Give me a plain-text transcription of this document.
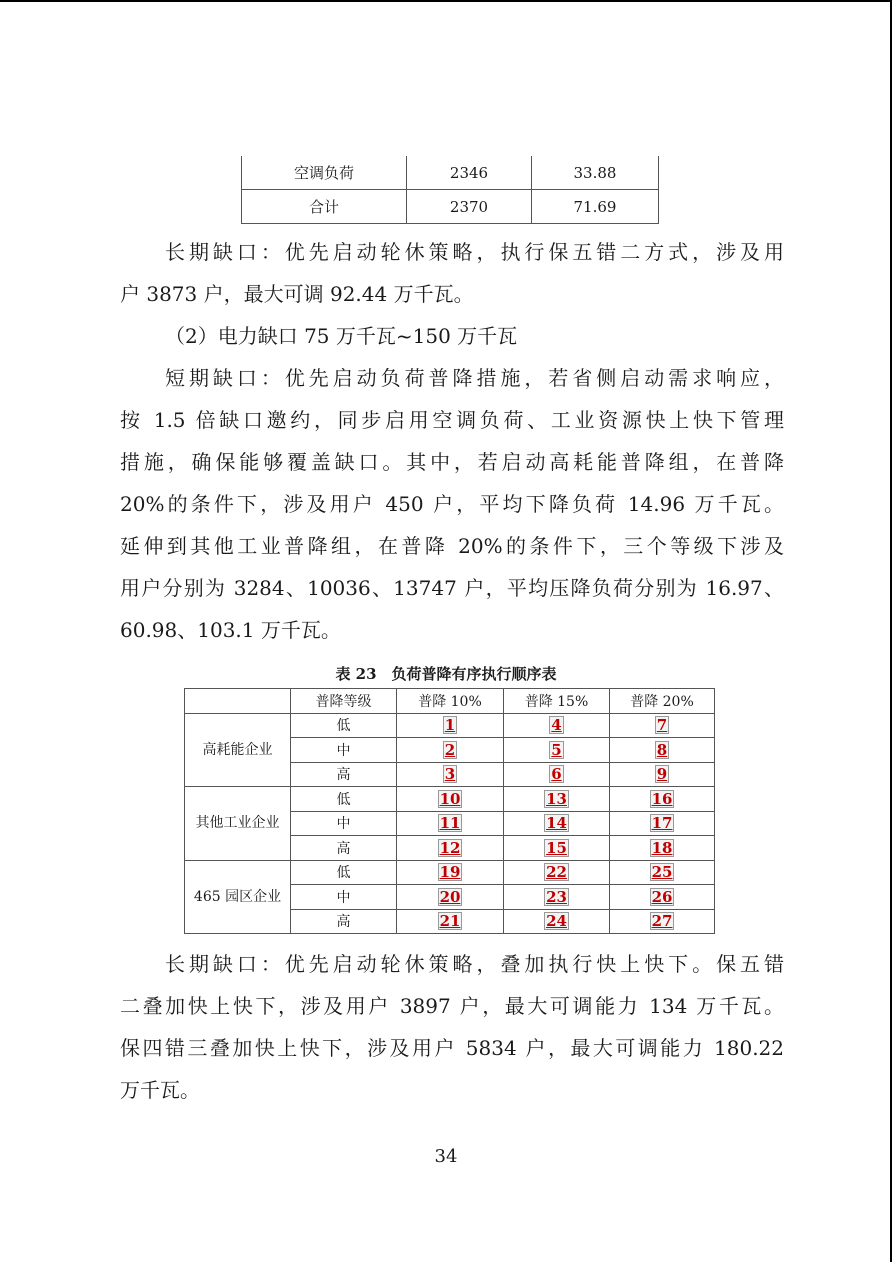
空调负荷	2346	33.88
合计	2370	71.69

长期缺口：优先启动轮休策略，执行保五错二方式，涉及用

户 3873 户，最大可调 92.44 万千瓦。

（2）电力缺口 75 万千瓦~150 万千瓦

短期缺口：优先启动负荷普降措施，若省侧启动需求响应，

按 1.5 倍缺口邀约，同步启用空调负荷、工业资源快上快下管理

措施，确保能够覆盖缺口。其中，若启动高耗能普降组，在普降

20%的条件下，涉及用户 450 户，平均下降负荷 14.96 万千瓦。

延伸到其他工业普降组，在普降 20%的条件下，三个等级下涉及

用户分别为 3284、10036、13747 户，平均压降负荷分别为 16.97、

60.98、103.1 万千瓦。

表 23　负荷普降有序执行顺序表
	普降等级	普降 10%	普降 15%	普降 20%
高耗能企业	低	1	4	7
	中	2	5	8
	高	3	6	9
其他工业企业	低	10	13	16
	中	11	14	17
	高	12	15	18
465 园区企业	低	19	22	25
	中	20	23	26
	高	21	24	27

长期缺口：优先启动轮休策略，叠加执行快上快下。保五错

二叠加快上快下，涉及用户 3897 户，最大可调能力 134 万千瓦。

保四错三叠加快上快下，涉及用户 5834 户，最大可调能力 180.22

万千瓦。

34
